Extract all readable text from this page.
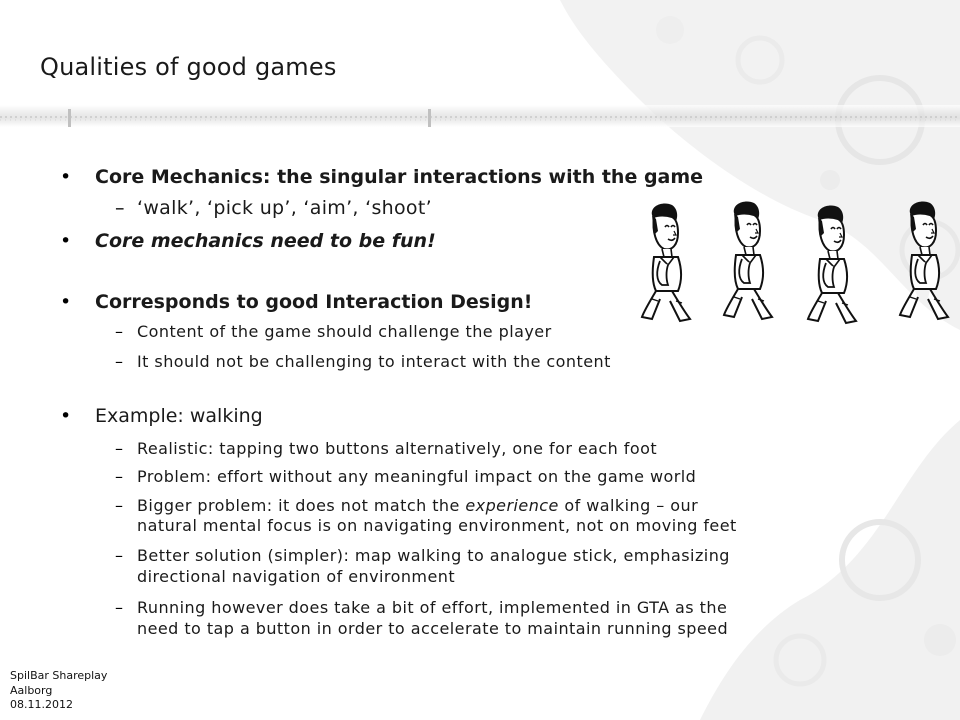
Qualities of good games
• Core Mechanics: the singular interactions with the game
– ‘walk’, ‘pick up’, ‘aim’, ‘shoot’
• Core mechanics need to be fun!
• Corresponds to good Interaction Design!
– Content of the game should challenge the player
– It should not be challenging to interact with the content
• Example: walking
– Realistic: tapping two buttons alternatively, one for each foot
– Problem: effort without any meaningful impact on the game world
– Bigger problem: it does not match the experience of walking – our
natural mental focus is on navigating environment, not on moving feet
– Better solution (simpler): map walking to analogue stick, emphasizing
directional navigation of environment
– Running however does take a bit of effort, implemented in GTA as the
need to tap a button in order to accelerate to maintain running speed
SpilBar Shareplay
Aalborg
08.11.2012
